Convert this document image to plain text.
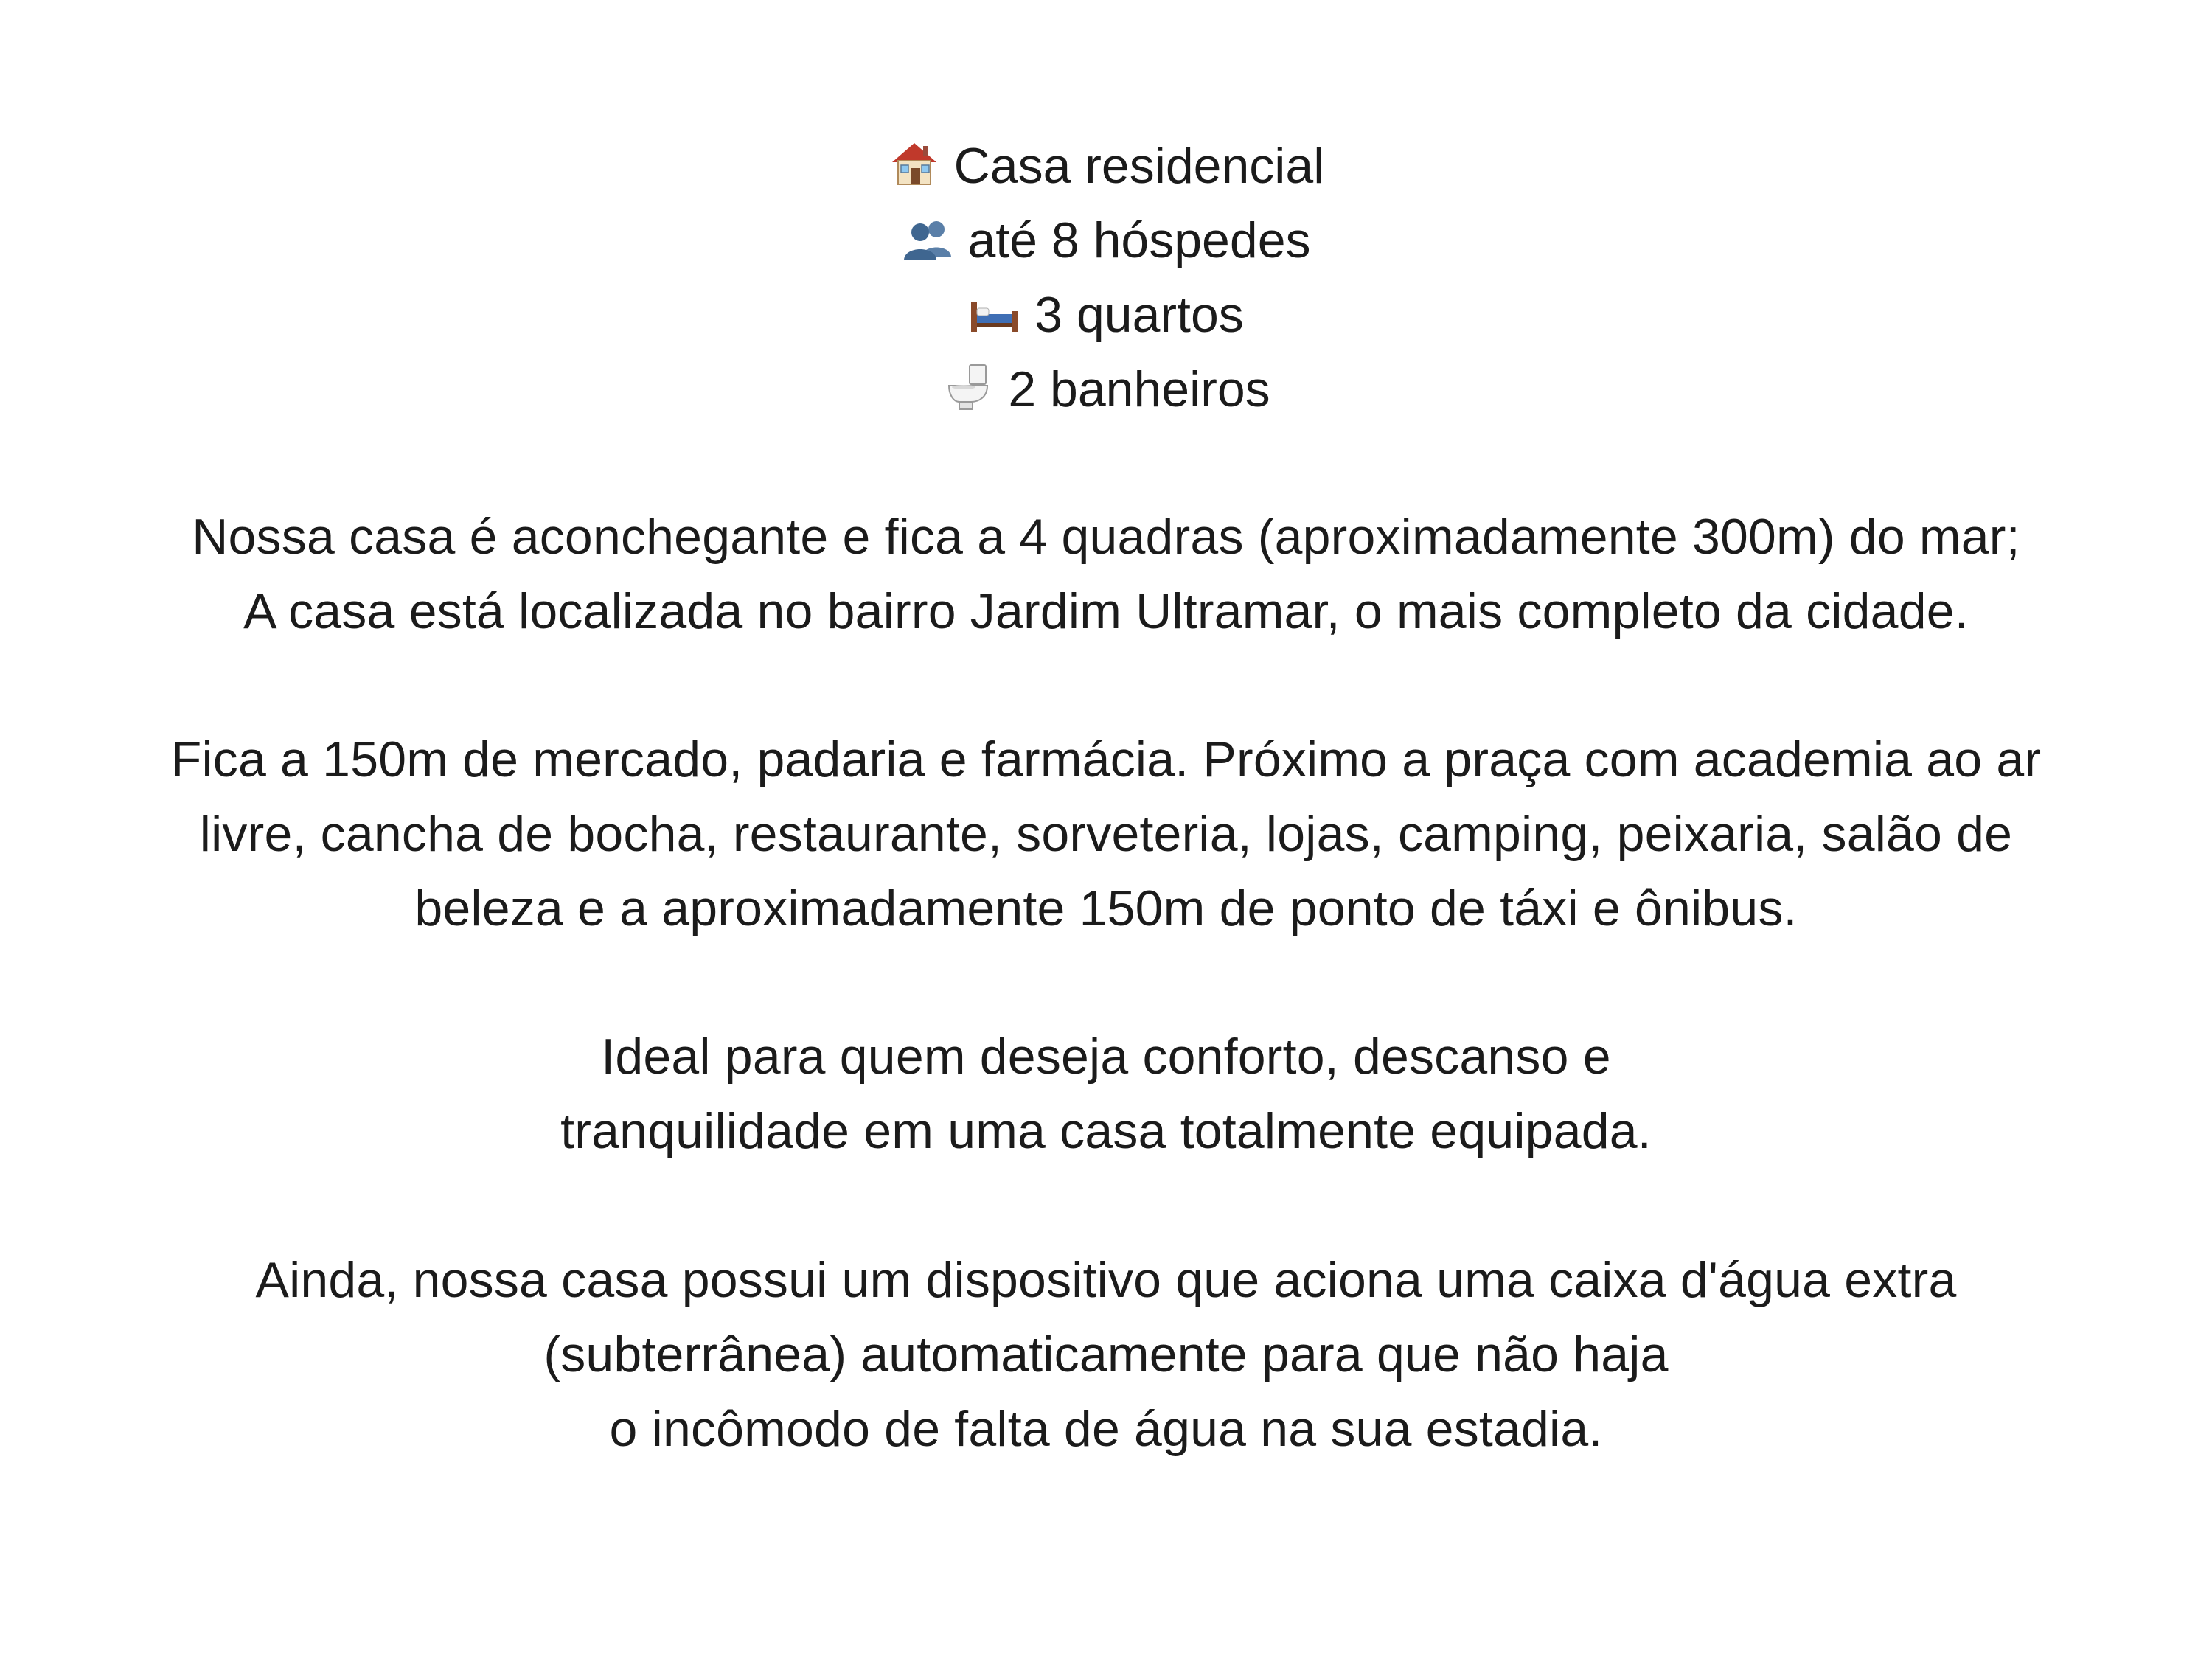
Casa residencial
até 8 hóspedes
3 quartos
2 banheiros
Nossa casa é aconchegante e fica a 4 quadras (aproximadamente 300m) do mar;
A casa está localizada no bairro Jardim Ultramar, o mais completo da cidade.
Fica a 150m de mercado, padaria e farmácia. Próximo a praça com academia ao ar
livre, cancha de bocha, restaurante, sorveteria, lojas, camping, peixaria, salão de
beleza e a aproximadamente 150m de ponto de táxi e ônibus.
Ideal para quem deseja conforto, descanso e
tranquilidade em uma casa totalmente equipada.
Ainda, nossa casa possui um dispositivo que aciona uma caixa d'água extra
(subterrânea) automaticamente para que não haja
o incômodo de falta de água na sua estadia.
